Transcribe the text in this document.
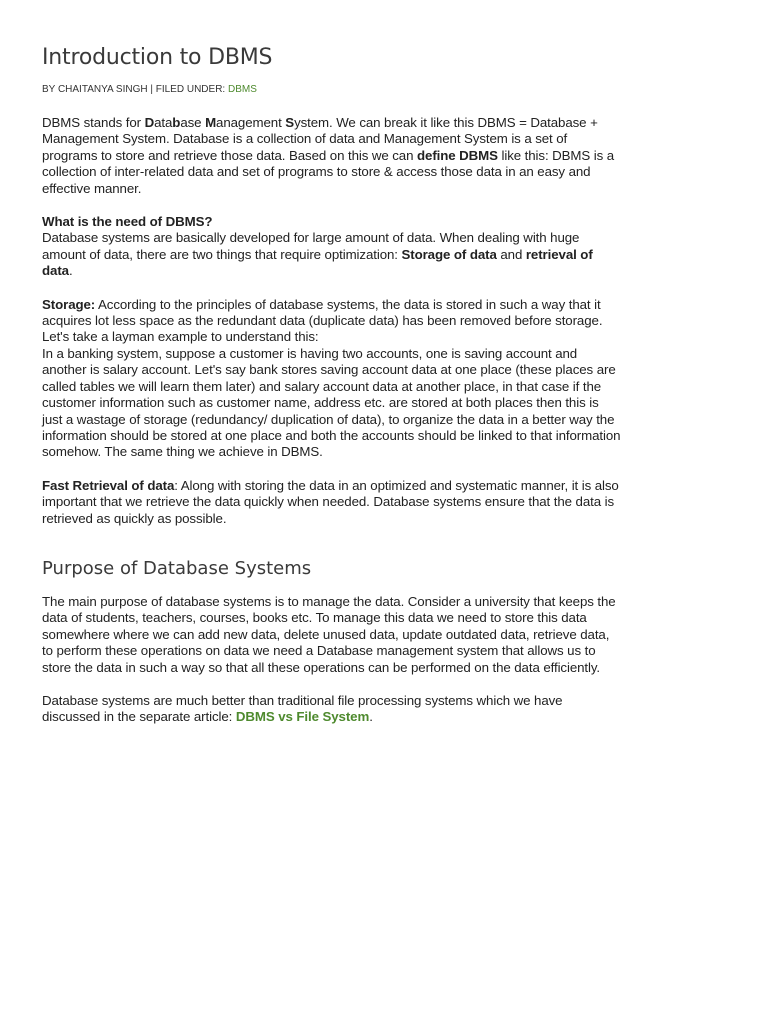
Introduction to DBMS
BY CHAITANYA SINGH | FILED UNDER: DBMS

DBMS stands for Database Management System. We can break it like this DBMS = Database + Management System. Database is a collection of data and Management System is a set of programs to store and retrieve those data. Based on this we can define DBMS like this: DBMS is a collection of inter-related data and set of programs to store & access those data in an easy and effective manner.

What is the need of DBMS?
Database systems are basically developed for large amount of data. When dealing with huge amount of data, there are two things that require optimization: Storage of data and retrieval of data.

Storage: According to the principles of database systems, the data is stored in such a way that it acquires lot less space as the redundant data (duplicate data) has been removed before storage. Let's take a layman example to understand this:
In a banking system, suppose a customer is having two accounts, one is saving account and another is salary account. Let's say bank stores saving account data at one place (these places are called tables we will learn them later) and salary account data at another place, in that case if the customer information such as customer name, address etc. are stored at both places then this is just a wastage of storage (redundancy/ duplication of data), to organize the data in a better way the information should be stored at one place and both the accounts should be linked to that information somehow. The same thing we achieve in DBMS.

Fast Retrieval of data: Along with storing the data in an optimized and systematic manner, it is also important that we retrieve the data quickly when needed. Database systems ensure that the data is retrieved as quickly as possible.

Purpose of Database Systems

The main purpose of database systems is to manage the data. Consider a university that keeps the data of students, teachers, courses, books etc. To manage this data we need to store this data somewhere where we can add new data, delete unused data, update outdated data, retrieve data, to perform these operations on data we need a Database management system that allows us to store the data in such a way so that all these operations can be performed on the data efficiently.

Database systems are much better than traditional file processing systems which we have discussed in the separate article: DBMS vs File System.
